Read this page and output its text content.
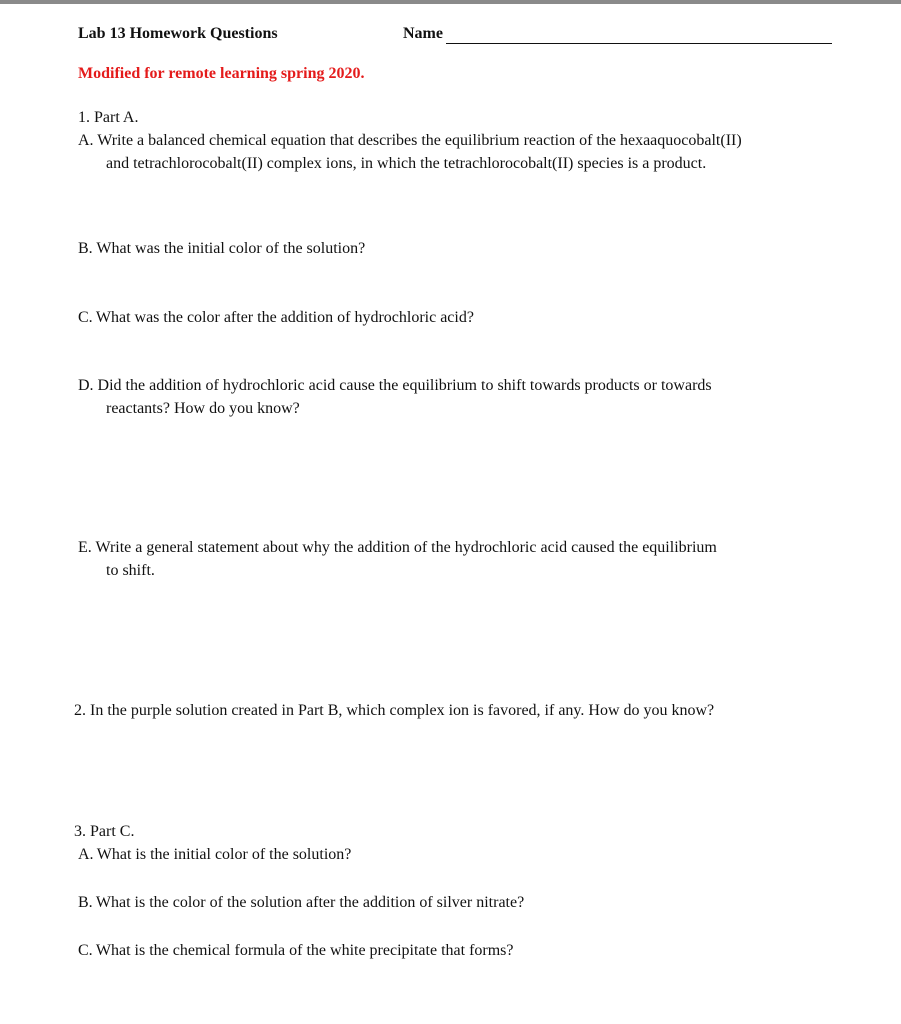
Lab 13 Homework Questions	Name
Modified for remote learning spring 2020.
1. Part A.
A. Write a balanced chemical equation that describes the equilibrium reaction of the hexaaquocobalt(II)
and tetrachlorocobalt(II) complex ions, in which the tetrachlorocobalt(II) species is a product.
B. What was the initial color of the solution?
C. What was the color after the addition of hydrochloric acid?
D. Did the addition of hydrochloric acid cause the equilibrium to shift towards products or towards
reactants? How do you know?
E. Write a general statement about why the addition of the hydrochloric acid caused the equilibrium
to shift.
2. In the purple solution created in Part B, which complex ion is favored, if any. How do you know?
3. Part C.
A. What is the initial color of the solution?
B. What is the color of the solution after the addition of silver nitrate?
C. What is the chemical formula of the white precipitate that forms?
